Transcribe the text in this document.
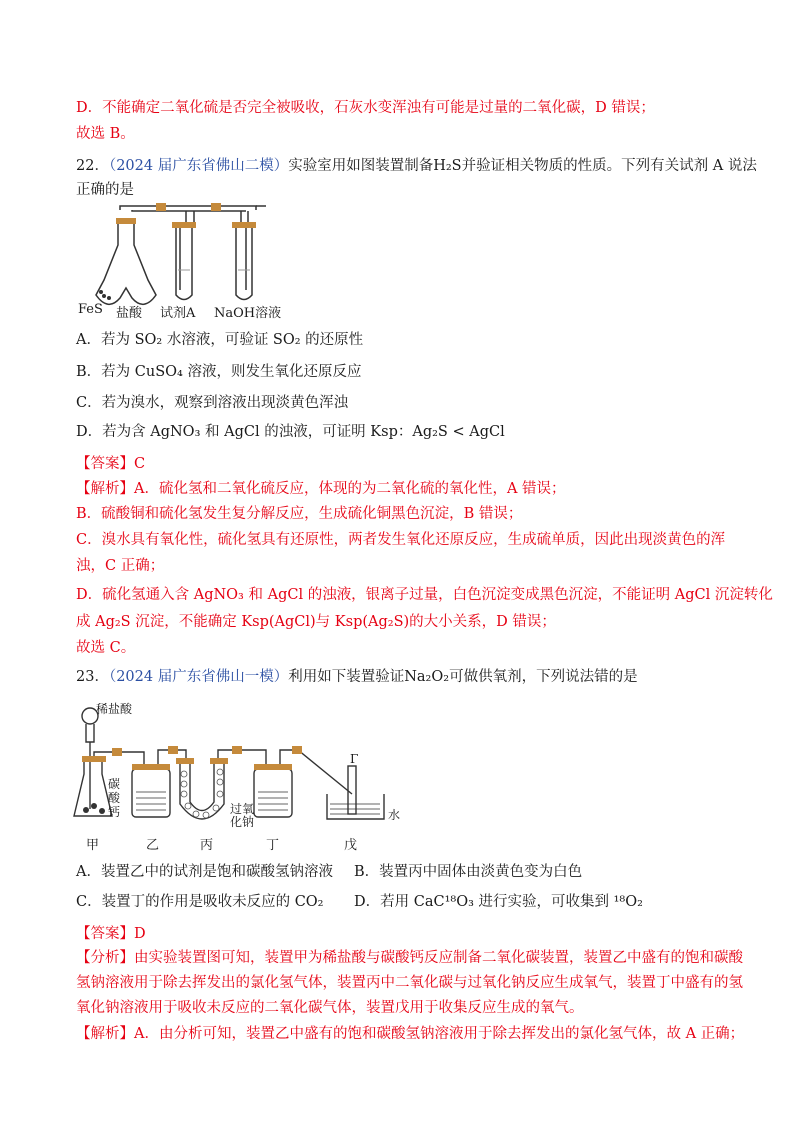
D．不能确定二氧化硫是否完全被吸收，石灰水变浑浊有可能是过量的二氧化碳，D 错误；
故选 B。
22．（2024 届广东省佛山二模）实验室用如图装置制备H₂S并验证相关物质的性质。下列有关试剂 A 说法
正确的是
FeS 盐酸 试剂A NaOH溶液
A．若为 SO₂ 水溶液，可验证 SO₂ 的还原性
B．若为 CuSO₄ 溶液，则发生氧化还原反应
C．若为溴水，观察到溶液出现淡黄色浑浊
D．若为含 AgNO₃ 和 AgCl 的浊液，可证明 Ksp：Ag₂S < AgCl
【答案】C
【解析】A．硫化氢和二氧化硫反应，体现的为二氧化硫的氧化性，A 错误；
B．硫酸铜和硫化氢发生复分解反应，生成硫化铜黑色沉淀，B 错误；
C．溴水具有氧化性，硫化氢具有还原性，两者发生氧化还原反应，生成硫单质，因此出现淡黄色的浑
浊，C 正确；
D．硫化氢通入含 AgNO₃ 和 AgCl 的浊液，银离子过量，白色沉淀变成黑色沉淀，不能证明 AgCl 沉淀转化
成 Ag₂S 沉淀，不能确定 Ksp(AgCl)与 Ksp(Ag₂S)的大小关系，D 错误；
故选 C。
23．（2024 届广东省佛山一模）利用如下装置验证Na₂O₂可做供氧剂，下列说法错的是
稀盐酸
碳
酸
钙
甲	乙	丙	丁	戊
过氧
化钠	水
Γ
A．装置乙中的试剂是饱和碳酸氢钠溶液 B．装置丙中固体由淡黄色变为白色
C．装置丁的作用是吸收未反应的 CO₂ D．若用 CaC¹⁸O₃ 进行实验，可收集到 ¹⁸O₂
【答案】D
【分析】由实验装置图可知，装置甲为稀盐酸与碳酸钙反应制备二氧化碳装置，装置乙中盛有的饱和碳酸
氢钠溶液用于除去挥发出的氯化氢气体，装置丙中二氧化碳与过氧化钠反应生成氧气，装置丁中盛有的氢
氧化钠溶液用于吸收未反应的二氧化碳气体，装置戊用于收集反应生成的氧气。
【解析】A．由分析可知，装置乙中盛有的饱和碳酸氢钠溶液用于除去挥发出的氯化氢气体，故 A 正确；
